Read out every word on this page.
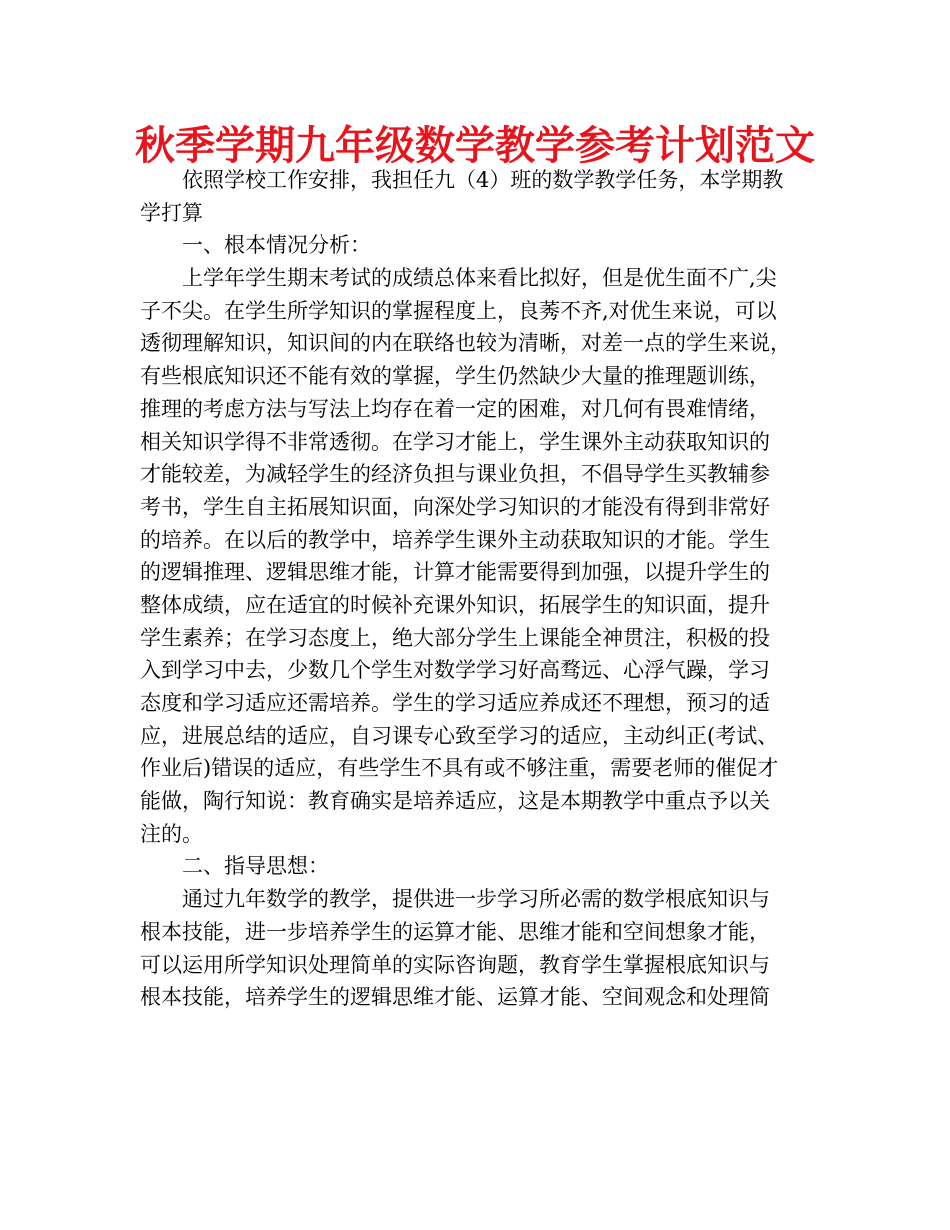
秋季学期九年级数学教学参考计划范文
依照学校工作安排，我担任九（4）班的数学教学任务，本学期教
学打算
一、根本情况分析：
上学年学生期末考试的成绩总体来看比拟好，但是优生面不广,尖
子不尖。在学生所学知识的掌握程度上，良莠不齐,对优生来说，可以
透彻理解知识，知识间的内在联络也较为清晰，对差一点的学生来说，
有些根底知识还不能有效的掌握，学生仍然缺少大量的推理题训练，
推理的考虑方法与写法上均存在着一定的困难，对几何有畏难情绪，
相关知识学得不非常透彻。在学习才能上，学生课外主动获取知识的
才能较差，为减轻学生的经济负担与课业负担，不倡导学生买教辅参
考书，学生自主拓展知识面，向深处学习知识的才能没有得到非常好
的培养。在以后的教学中，培养学生课外主动获取知识的才能。学生
的逻辑推理、逻辑思维才能，计算才能需要得到加强，以提升学生的
整体成绩，应在适宜的时候补充课外知识，拓展学生的知识面，提升
学生素养；在学习态度上，绝大部分学生上课能全神贯注，积极的投
入到学习中去，少数几个学生对数学学习好高骛远、心浮气躁，学习
态度和学习适应还需培养。学生的学习适应养成还不理想，预习的适
应，进展总结的适应，自习课专心致至学习的适应，主动纠正(考试、
作业后)错误的适应，有些学生不具有或不够注重，需要老师的催促才
能做，陶行知说：教育确实是培养适应，这是本期教学中重点予以关
注的。
二、指导思想：
通过九年数学的教学，提供进一步学习所必需的数学根底知识与
根本技能，进一步培养学生的运算才能、思维才能和空间想象才能，
可以运用所学知识处理简单的实际咨询题，教育学生掌握根底知识与
根本技能，培养学生的逻辑思维才能、运算才能、空间观念和处理简
